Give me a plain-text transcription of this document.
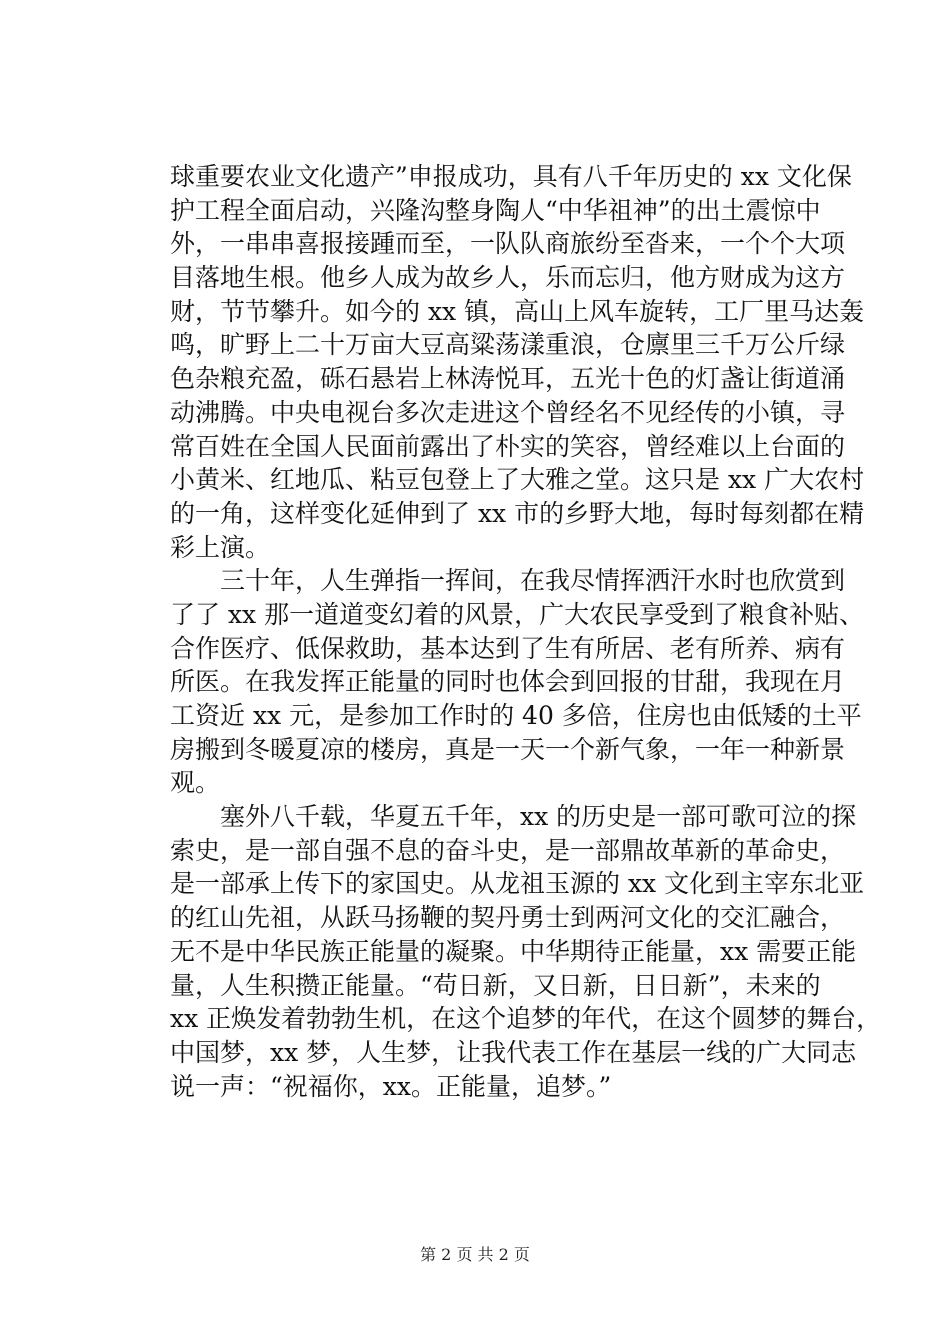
球重要农业文化遗产”申报成功，具有八千年历史的 xx 文化保
护工程全面启动，兴隆沟整身陶人“中华祖神”的出土震惊中
外，一串串喜报接踵而至，一队队商旅纷至沓来，一个个大项
目落地生根。他乡人成为故乡人，乐而忘归，他方财成为这方
财，节节攀升。如今的 xx 镇，高山上风车旋转，工厂里马达轰
鸣，旷野上二十万亩大豆高粱荡漾重浪，仓廪里三千万公斤绿
色杂粮充盈，砾石悬岩上林涛悦耳，五光十色的灯盏让街道涌
动沸腾。中央电视台多次走进这个曾经名不见经传的小镇，寻
常百姓在全国人民面前露出了朴实的笑容，曾经难以上台面的
小黄米、红地瓜、粘豆包登上了大雅之堂。这只是 xx 广大农村
的一角，这样变化延伸到了 xx 市的乡野大地，每时每刻都在精
彩上演。
　　三十年，人生弹指一挥间，在我尽情挥洒汗水时也欣赏到
了了 xx 那一道道变幻着的风景，广大农民享受到了粮食补贴、
合作医疗、低保救助，基本达到了生有所居、老有所养、病有
所医。在我发挥正能量的同时也体会到回报的甘甜，我现在月
工资近 xx 元，是参加工作时的 40 多倍，住房也由低矮的土平
房搬到冬暖夏凉的楼房，真是一天一个新气象，一年一种新景
观。
　　塞外八千载，华夏五千年，xx 的历史是一部可歌可泣的探
索史，是一部自强不息的奋斗史，是一部鼎故革新的革命史，
是一部承上传下的家国史。从龙祖玉源的 xx 文化到主宰东北亚
的红山先祖，从跃马扬鞭的契丹勇士到两河文化的交汇融合，
无不是中华民族正能量的凝聚。中华期待正能量，xx 需要正能
量，人生积攒正能量。“苟日新，又日新，日日新”，未来的
xx 正焕发着勃勃生机，在这个追梦的年代，在这个圆梦的舞台，
中国梦，xx 梦，人生梦，让我代表工作在基层一线的广大同志
说一声：“祝福你，xx。正能量，追梦。”
第 2 页 共 2 页
